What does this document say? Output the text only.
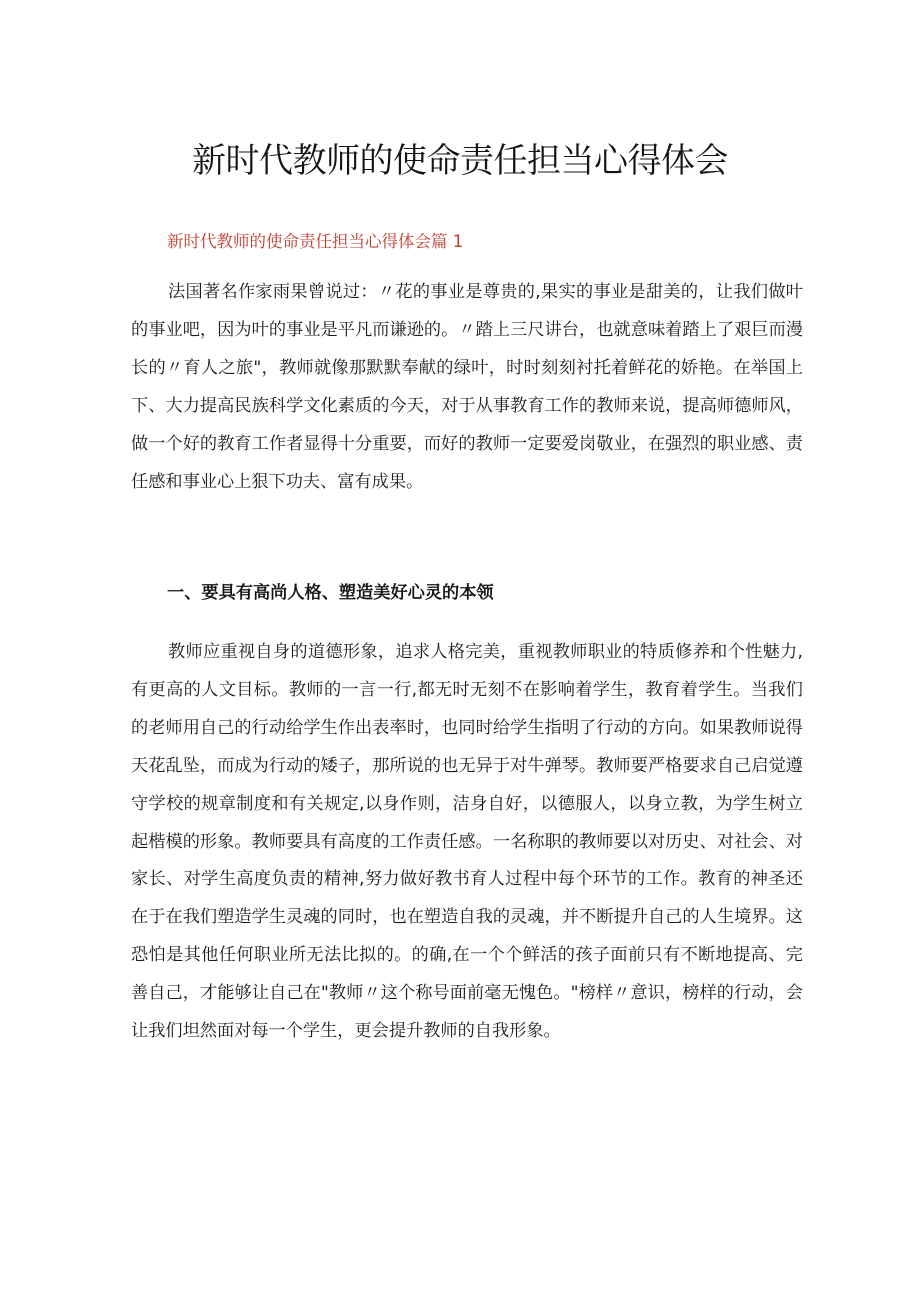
新时代教师的使命责任担当心得体会

新时代教师的使命责任担当心得体会篇 1

法国著名作家雨果曾说过：〃花的事业是尊贵的,果实的事业是甜美的，让我们做叶的事业吧，因为叶的事业是平凡而谦逊的。〃踏上三尺讲台，也就意味着踏上了艰巨而漫长的〃育人之旅"，教师就像那默默奉献的绿叶，时时刻刻衬托着鲜花的娇艳。在举国上下、大力提高民族科学文化素质的今天，对于从事教育工作的教师来说，提高师德师风，做一个好的教育工作者显得十分重要，而好的教师一定要爱岗敬业，在强烈的职业感、责任感和事业心上狠下功夫、富有成果。

一、要具有高尚人格、塑造美好心灵的本领

教师应重视自身的道德形象，追求人格完美，重视教师职业的特质修养和个性魅力,有更高的人文目标。教师的一言一行,都无时无刻不在影响着学生，教育着学生。当我们的老师用自己的行动给学生作出表率时，也同时给学生指明了行动的方向。如果教师说得天花乱坠，而成为行动的矮子，那所说的也无异于对牛弹琴。教师要严格要求自己启觉遵守学校的规章制度和有关规定,以身作则，洁身自好，以德服人，以身立教，为学生树立起楷模的形象。教师要具有高度的工作责任感。一名称职的教师要以对历史、对社会、对家长、对学生高度负责的精神,努力做好教书育人过程中每个环节的工作。教育的神圣还在于在我们塑造学生灵魂的同时，也在塑造自我的灵魂，并不断提升自己的人生境界。这恐怕是其他任何职业所无法比拟的。的确,在一个个鲜活的孩子面前只有不断地提高、完善自己，才能够让自己在"教师〃这个称号面前毫无愧色。"榜样〃意识，榜样的行动，会让我们坦然面对每一个学生，更会提升教师的自我形象。
